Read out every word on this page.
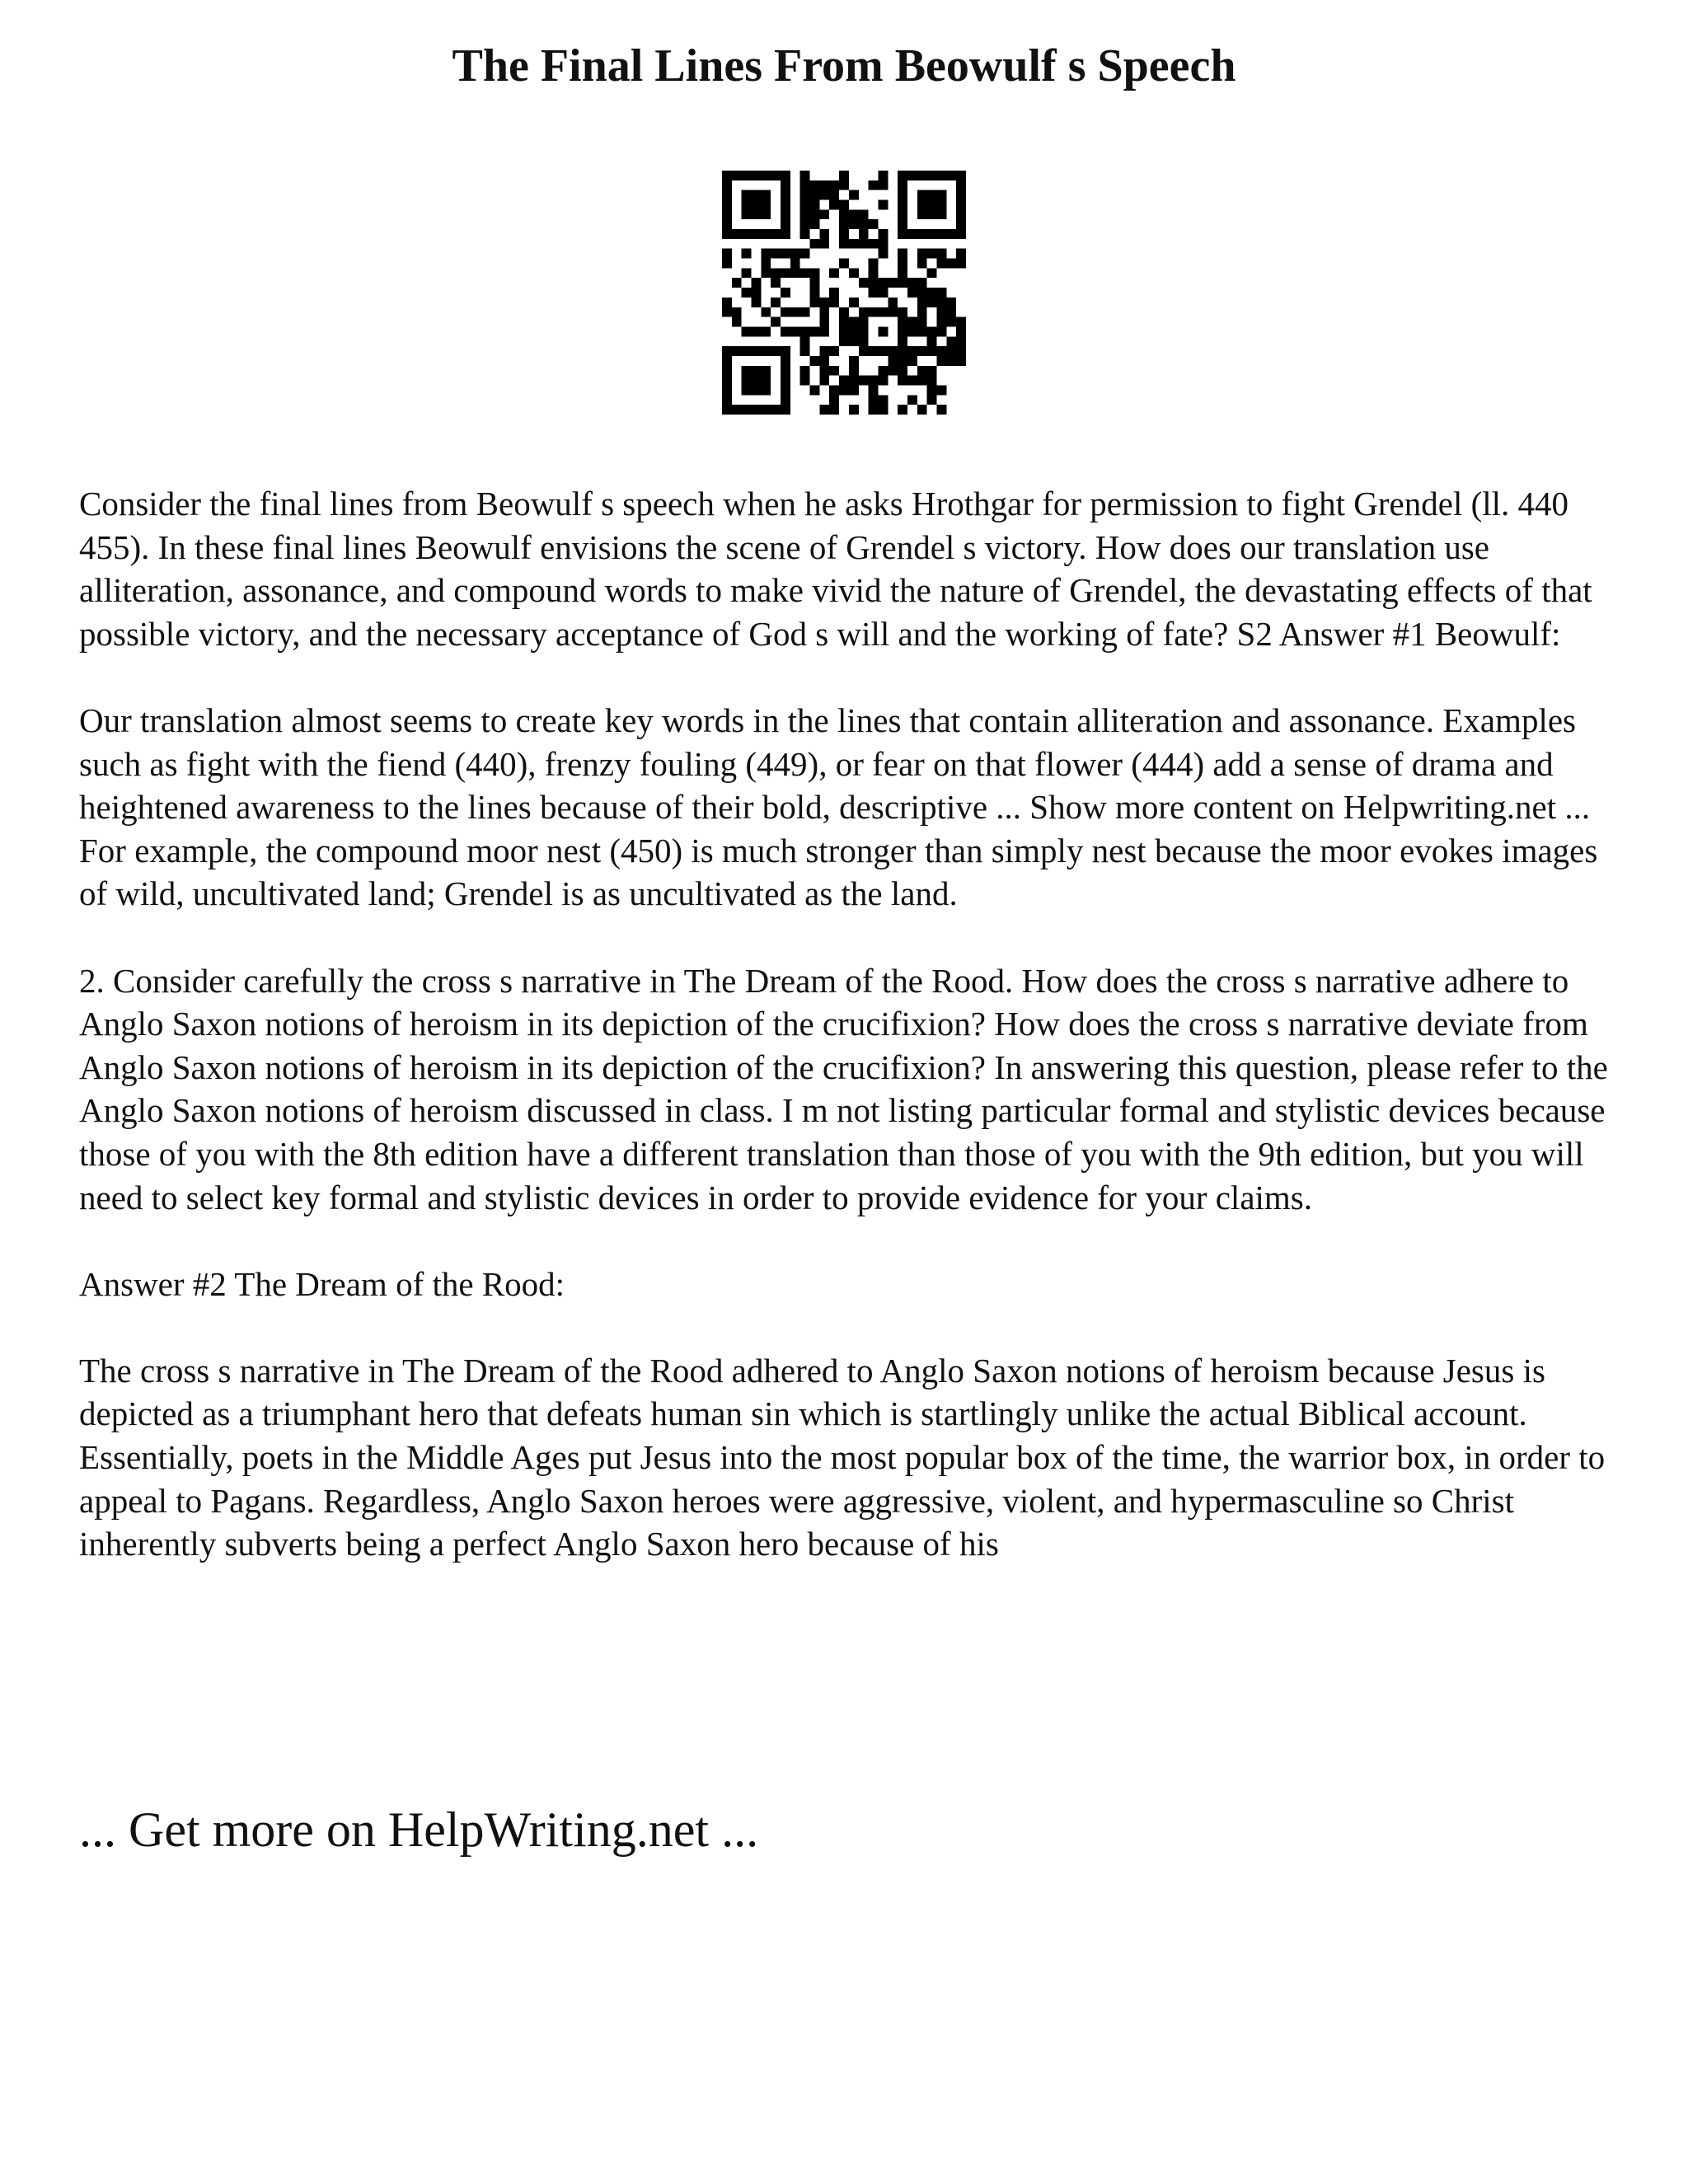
The Final Lines From Beowulf s Speech

Consider the final lines from Beowulf s speech when he asks Hrothgar for permission to fight Grendel (ll. 440 455). In these final lines Beowulf envisions the scene of Grendel s victory. How does our translation use alliteration, assonance, and compound words to make vivid the nature of Grendel, the devastating effects of that possible victory, and the necessary acceptance of God s will and the working of fate? S2 Answer #1 Beowulf:

Our translation almost seems to create key words in the lines that contain alliteration and assonance. Examples such as fight with the fiend (440), frenzy fouling (449), or fear on that flower (444) add a sense of drama and heightened awareness to the lines because of their bold, descriptive ... Show more content on Helpwriting.net ...

For example, the compound moor nest (450) is much stronger than simply nest because the moor evokes images of wild, uncultivated land; Grendel is as uncultivated as the land.

2. Consider carefully the cross s narrative in The Dream of the Rood. How does the cross s narrative adhere to Anglo Saxon notions of heroism in its depiction of the crucifixion? How does the cross s narrative deviate from Anglo Saxon notions of heroism in its depiction of the crucifixion? In answering this question, please refer to the Anglo Saxon notions of heroism discussed in class. I m not listing particular formal and stylistic devices because those of you with the 8th edition have a different translation than those of you with the 9th edition, but you will need to select key formal and stylistic devices in order to provide evidence for your claims.

Answer #2 The Dream of the Rood:

The cross s narrative in The Dream of the Rood adhered to Anglo Saxon notions of heroism because Jesus is depicted as a triumphant hero that defeats human sin which is startlingly unlike the actual Biblical account. Essentially, poets in the Middle Ages put Jesus into the most popular box of the time, the warrior box, in order to appeal to Pagans. Regardless, Anglo Saxon heroes were aggressive, violent, and hypermasculine so Christ inherently subverts being a perfect Anglo Saxon hero because of his

... Get more on HelpWriting.net ...
